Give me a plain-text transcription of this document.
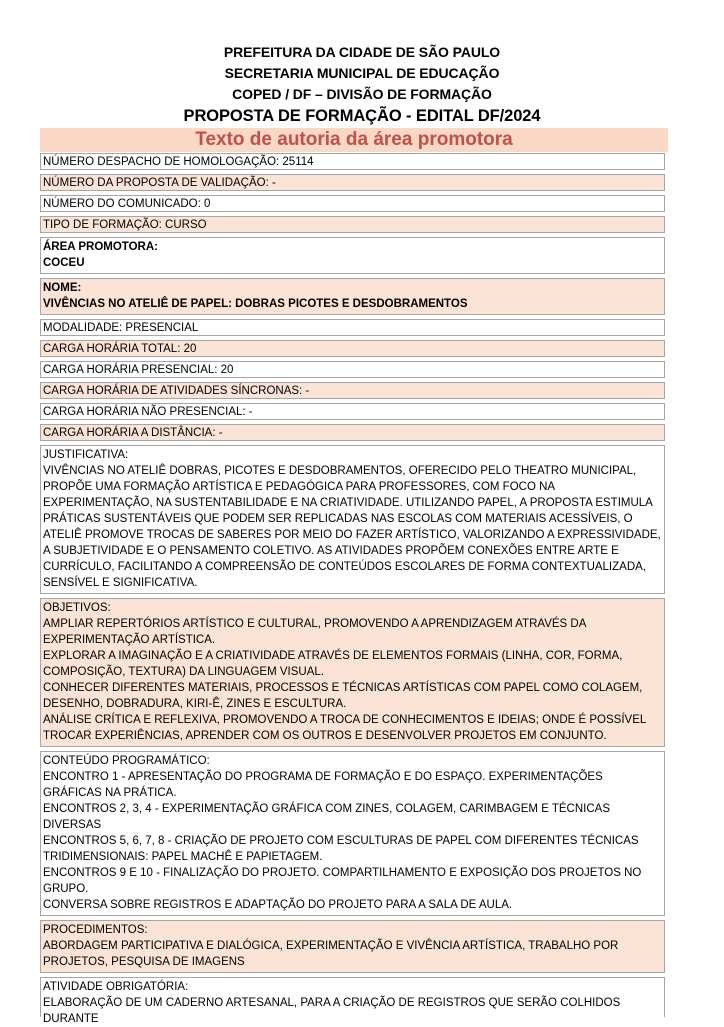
PREFEITURA DA CIDADE DE SÃO PAULO
SECRETARIA MUNICIPAL DE EDUCAÇÃO
COPED / DF – DIVISÃO DE FORMAÇÃO
PROPOSTA DE FORMAÇÃO - EDITAL DF/2024
Texto de autoria da área promotora
NÚMERO DESPACHO DE HOMOLOGAÇÃO: 25114
NÚMERO DA PROPOSTA DE VALIDAÇÃO: -
NÚMERO DO COMUNICADO: 0
TIPO DE FORMAÇÃO: CURSO
ÁREA PROMOTORA:
COCEU
NOME:
VIVÊNCIAS NO ATELIÊ DE PAPEL: DOBRAS PICOTES E DESDOBRAMENTOS
MODALIDADE: PRESENCIAL
CARGA HORÁRIA TOTAL: 20
CARGA HORÁRIA PRESENCIAL: 20
CARGA HORÁRIA DE ATIVIDADES SÍNCRONAS: -
CARGA HORÁRIA NÃO PRESENCIAL: -
CARGA HORÁRIA A DISTÂNCIA: -
JUSTIFICATIVA:
VIVÊNCIAS NO ATELIÊ DOBRAS, PICOTES E DESDOBRAMENTOS, OFERECIDO PELO THEATRO MUNICIPAL, PROPÕE UMA FORMAÇÃO ARTÍSTICA E PEDAGÓGICA PARA PROFESSORES, COM FOCO NA EXPERIMENTAÇÃO, NA SUSTENTABILIDADE E NA CRIATIVIDADE. UTILIZANDO PAPEL, A PROPOSTA ESTIMULA PRÁTICAS SUSTENTÁVEIS QUE PODEM SER REPLICADAS NAS ESCOLAS COM MATERIAIS ACESSÍVEIS, O ATELIÊ PROMOVE TROCAS DE SABERES POR MEIO DO FAZER ARTÍSTICO, VALORIZANDO A EXPRESSIVIDADE, A SUBJETIVIDADE E O PENSAMENTO COLETIVO. AS ATIVIDADES PROPÕEM CONEXÕES ENTRE ARTE E CURRÍCULO, FACILITANDO A COMPREENSÃO DE CONTEÚDOS ESCOLARES DE FORMA CONTEXTUALIZADA, SENSÍVEL E SIGNIFICATIVA.
OBJETIVOS:
AMPLIAR REPERTÓRIOS ARTÍSTICO E CULTURAL, PROMOVENDO A APRENDIZAGEM ATRAVÉS DA EXPERIMENTAÇÃO ARTÍSTICA.
EXPLORAR A IMAGINAÇÃO E A CRIATIVIDADE ATRAVÉS DE ELEMENTOS FORMAIS (LINHA, COR, FORMA, COMPOSIÇÃO, TEXTURA) DA LINGUAGEM VISUAL.
CONHECER DIFERENTES MATERIAIS, PROCESSOS E TÉCNICAS ARTÍSTICAS COM PAPEL COMO COLAGEM, DESENHO, DOBRADURA, KIRI-Ê, ZINES E ESCULTURA.
ANÁLISE CRÍTICA E REFLEXIVA, PROMOVENDO A TROCA DE CONHECIMENTOS E IDEIAS; ONDE É POSSÍVEL TROCAR EXPERIÊNCIAS, APRENDER COM OS OUTROS E DESENVOLVER PROJETOS EM CONJUNTO.
CONTEÚDO PROGRAMÁTICO:
ENCONTRO 1 - APRESENTAÇÃO DO PROGRAMA DE FORMAÇÃO E DO ESPAÇO. EXPERIMENTAÇÕES GRÁFICAS NA PRÁTICA.
ENCONTROS 2, 3, 4 - EXPERIMENTAÇÃO GRÁFICA COM ZINES, COLAGEM, CARIMBAGEM E TÉCNICAS DIVERSAS
ENCONTROS 5, 6, 7, 8 - CRIAÇÃO DE PROJETO COM ESCULTURAS DE PAPEL COM DIFERENTES TÉCNICAS TRIDIMENSIONAIS: PAPEL MACHÊ E PAPIETAGEM.
ENCONTROS 9 E 10 - FINALIZAÇÃO DO PROJETO. COMPARTILHAMENTO E EXPOSIÇÃO DOS PROJETOS NO GRUPO.
CONVERSA SOBRE REGISTROS E ADAPTAÇÃO DO PROJETO PARA A SALA DE AULA.
PROCEDIMENTOS:
ABORDAGEM PARTICIPATIVA E DIALÓGICA, EXPERIMENTAÇÃO E VIVÊNCIA ARTÍSTICA, TRABALHO POR PROJETOS, PESQUISA DE IMAGENS
ATIVIDADE OBRIGATÓRIA:
ELABORAÇÃO DE UM CADERNO ARTESANAL, PARA A CRIAÇÃO DE REGISTROS QUE SERÃO COLHIDOS DURANTE
